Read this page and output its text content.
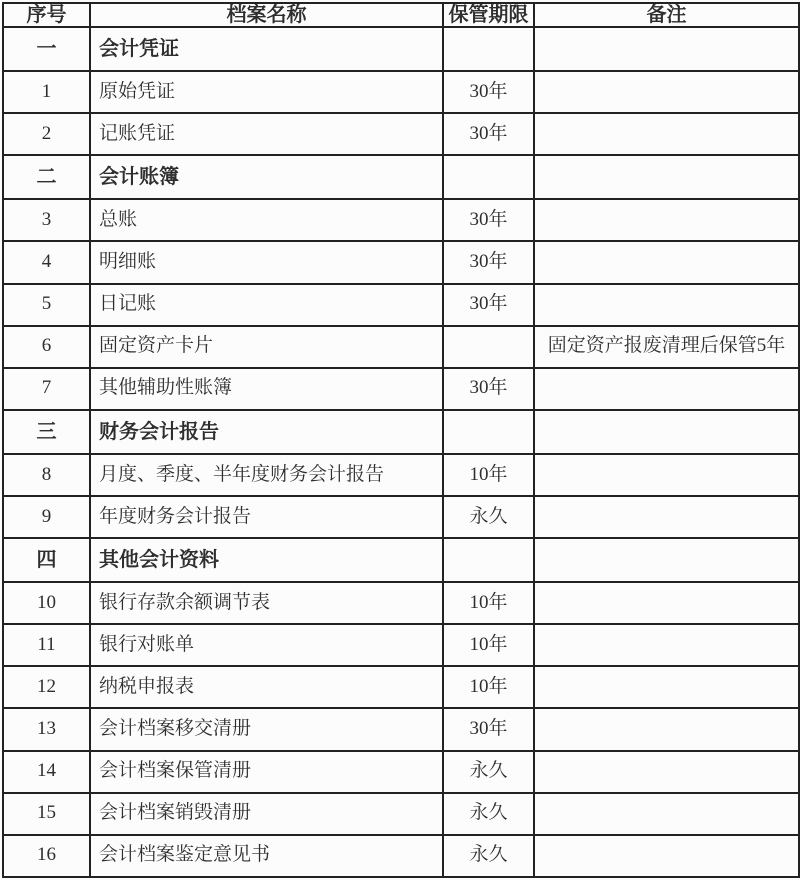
序号	档案名称	保管期限	备注
一	会计凭证		
1	原始凭证	30年	
2	记账凭证	30年	
二	会计账簿		
3	总账	30年	
4	明细账	30年	
5	日记账	30年	
6	固定资产卡片		固定资产报废清理后保管5年
7	其他辅助性账簿	30年	
三	财务会计报告		
8	月度、季度、半年度财务会计报告	10年	
9	年度财务会计报告	永久	
四	其他会计资料		
10	银行存款余额调节表	10年	
11	银行对账单	10年	
12	纳税申报表	10年	
13	会计档案移交清册	30年	
14	会计档案保管清册	永久	
15	会计档案销毁清册	永久	
16	会计档案鉴定意见书	永久	
